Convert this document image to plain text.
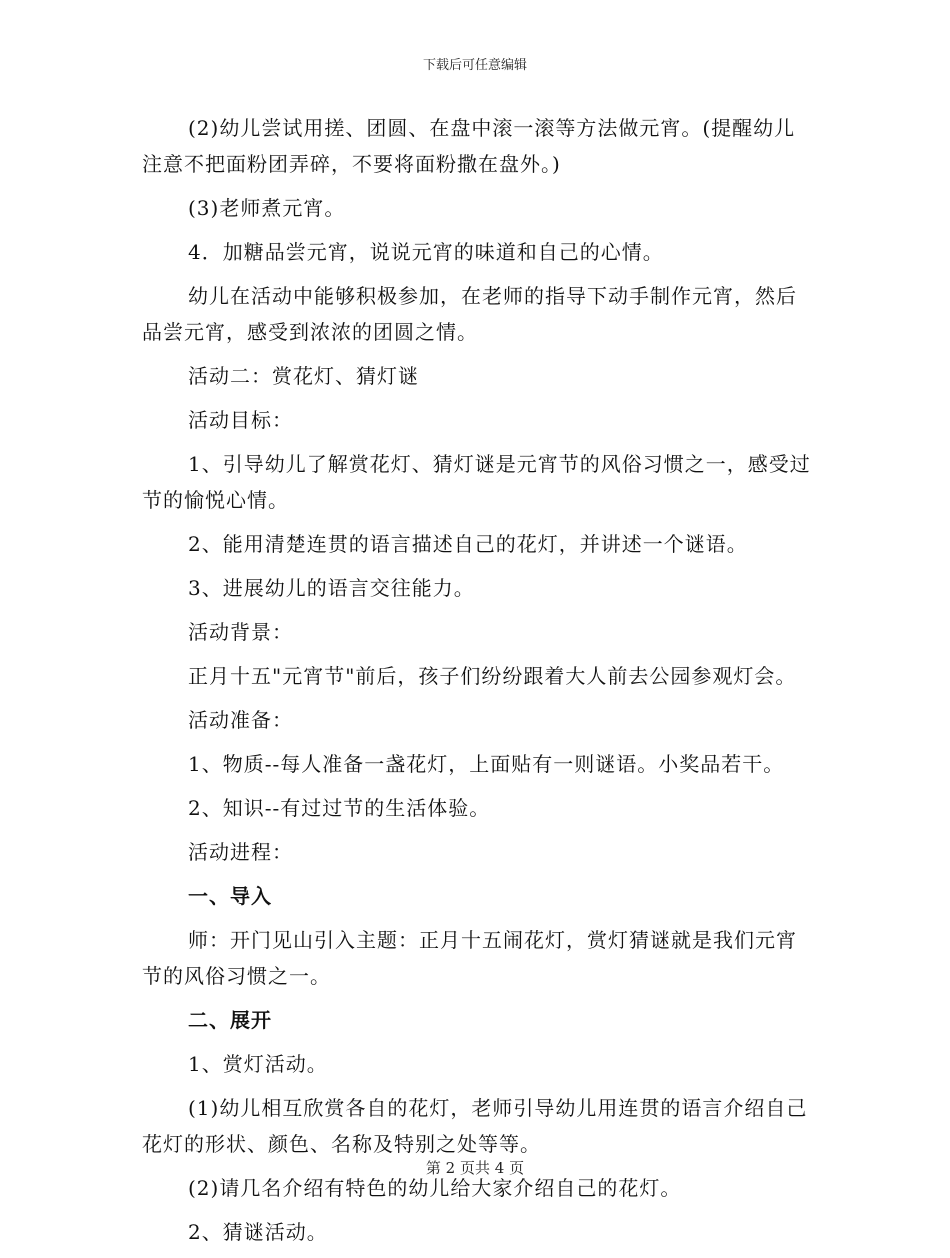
下载后可任意编辑

(2)幼儿尝试用搓、团圆、在盘中滚一滚等方法做元宵。(提醒幼儿注意不把面粉团弄碎，不要将面粉撒在盘外。)

(3)老师煮元宵。

4．加糖品尝元宵，说说元宵的味道和自己的心情。

幼儿在活动中能够积极参加，在老师的指导下动手制作元宵，然后品尝元宵，感受到浓浓的团圆之情。

活动二：赏花灯、猜灯谜

活动目标：

1、引导幼儿了解赏花灯、猜灯谜是元宵节的风俗习惯之一，感受过节的愉悦心情。

2、能用清楚连贯的语言描述自己的花灯，并讲述一个谜语。

3、进展幼儿的语言交往能力。

活动背景：

正月十五"元宵节"前后，孩子们纷纷跟着大人前去公园参观灯会。

活动准备：

1、物质--每人准备一盏花灯，上面贴有一则谜语。小奖品若干。

2、知识--有过过节的生活体验。

活动进程：

一、导入

师：开门见山引入主题：正月十五闹花灯，赏灯猜谜就是我们元宵节的风俗习惯之一。

二、展开

1、赏灯活动。

(1)幼儿相互欣赏各自的花灯，老师引导幼儿用连贯的语言介绍自己花灯的形状、颜色、名称及特别之处等等。

(2)请几名介绍有特色的幼儿给大家介绍自己的花灯。

2、猜谜活动。

第 2 页共 4 页
